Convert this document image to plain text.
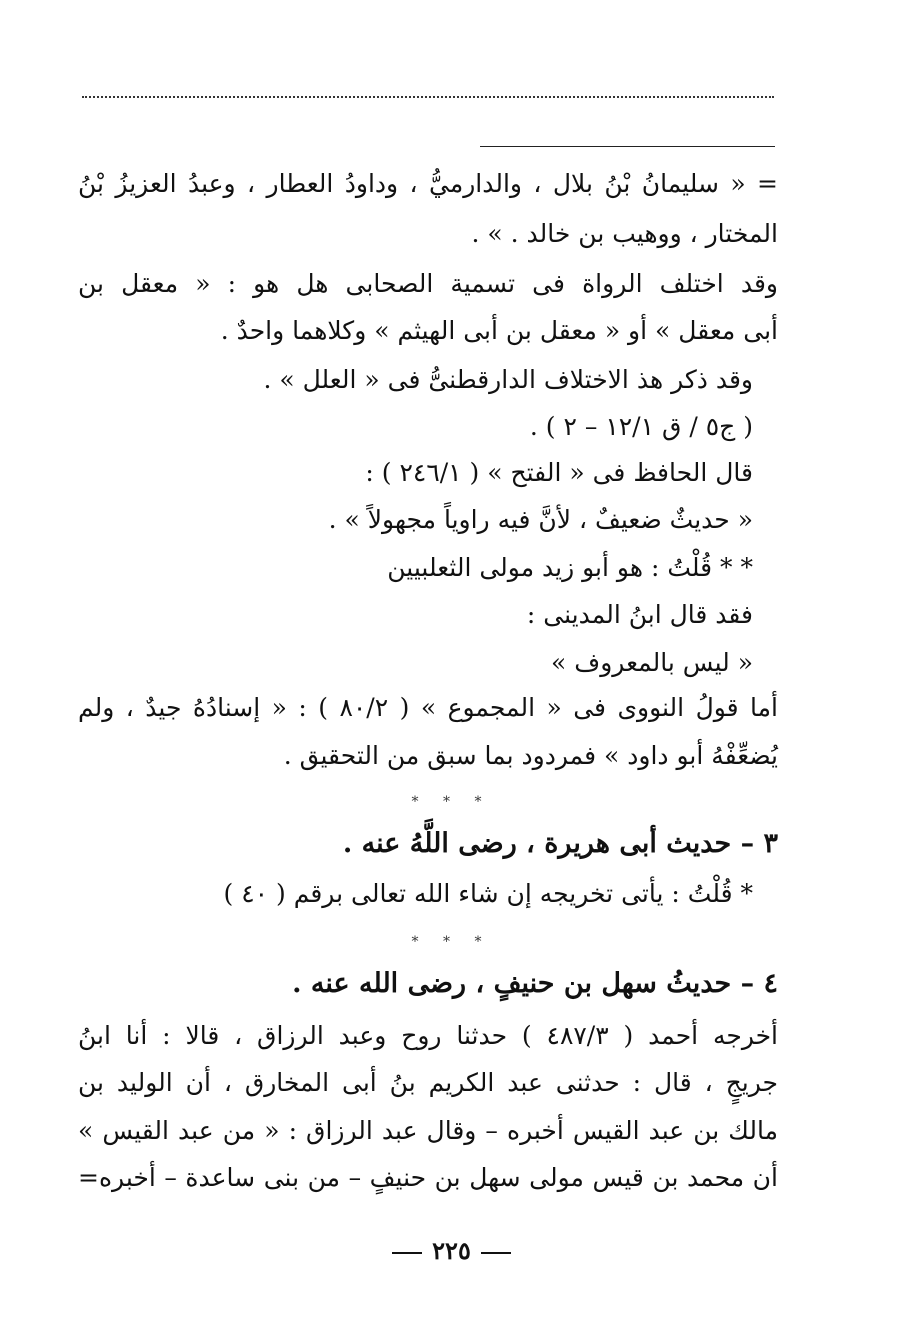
= « سليمانُ بْنُ بلال ، والدارميُّ ، وداودُ العطار ، وعبدُ العزيزُ بْنُ
المختار ، ووهيب بن خالد . » .
وقد اختلف الرواة فى تسمية الصحابى هل هو : « معقل بن
أبى معقل » أو « معقل بن أبى الهيثم » وكلاهما واحدٌ .
وقد ذكر هذ الاختلاف الدارقطنىُّ فى « العلل » .
( ج٥ / ق ١٢/١ – ٢ ) .
قال الحافظ فى « الفتح » ( ٢٤٦/١ ) :
« حديثٌ ضعيفٌ ، لأنَّ فيه راوياً مجهولاً » .
* * قُلْتُ : هو أبو زيد مولى الثعلبيين
فقد قال ابنُ المدينى :
« ليس بالمعروف »
أما قولُ النووى فى « المجموع » ( ٨٠/٢ ) : « إسنادُهُ جيدٌ ، ولم
يُضعِّفْهُ أبو داود » فمردود بما سبق من التحقيق .
* * *
٣ – حديث أبى هريرة ، رضى اللَّهُ عنه .
* قُلْتُ : يأتى تخريجه إن شاء الله تعالى برقم ( ٤٠ )
* * *
٤ – حديثُ سهل بن حنيفٍ ، رضى الله عنه .
أخرجه أحمد ( ٤٨٧/٣ ) حدثنا روح وعبد الرزاق ، قالا : أنا ابنُ
جريجٍ ، قال : حدثنى عبد الكريم بنُ أبى المخارق ، أن الوليد بن
مالك بن عبد القيس أخبره – وقال عبد الرزاق : « من عبد القيس »
أن محمد بن قيس مولى سهل بن حنيفٍ – من بنى ساعدة – أخبره=
٢٢٥
